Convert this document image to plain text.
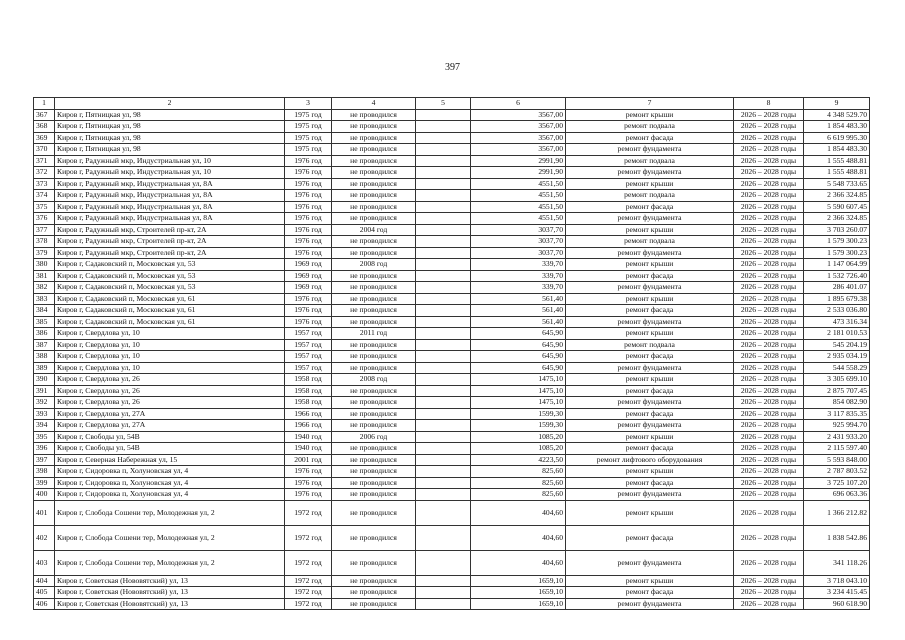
397
1	2	3	4	5	6	7	8	9
367	Киров г, Пятницкая ул, 98	1975 год	не проводился		3567,00	ремонт крыши	2026 – 2028 годы	4 348 529.70
368	Киров г, Пятницкая ул, 98	1975 год	не проводился		3567,00	ремонт подвала	2026 – 2028 годы	1 854 483.30
369	Киров г, Пятницкая ул, 98	1975 год	не проводился		3567,00	ремонт фасада	2026 – 2028 годы	6 619 995.30
370	Киров г, Пятницкая ул, 98	1975 год	не проводился		3567,00	ремонт фундамента	2026 – 2028 годы	1 854 483.30
371	Киров г, Радужный мкр, Индустриальная ул, 10	1976 год	не проводился		2991,90	ремонт подвала	2026 – 2028 годы	1 555 488.81
372	Киров г, Радужный мкр, Индустриальная ул, 10	1976 год	не проводился		2991,90	ремонт фундамента	2026 – 2028 годы	1 555 488.81
373	Киров г, Радужный мкр, Индустриальная ул, 8А	1976 год	не проводился		4551,50	ремонт крыши	2026 – 2028 годы	5 548 733.65
374	Киров г, Радужный мкр, Индустриальная ул, 8А	1976 год	не проводился		4551,50	ремонт подвала	2026 – 2028 годы	2 366 324.85
375	Киров г, Радужный мкр, Индустриальная ул, 8А	1976 год	не проводился		4551,50	ремонт фасада	2026 – 2028 годы	5 590 607.45
376	Киров г, Радужный мкр, Индустриальная ул, 8А	1976 год	не проводился		4551,50	ремонт фундамента	2026 – 2028 годы	2 366 324.85
377	Киров г, Радужный мкр, Строителей пр-кт, 2А	1976 год	2004 год		3037,70	ремонт крыши	2026 – 2028 годы	3 703 260.07
378	Киров г, Радужный мкр, Строителей пр-кт, 2А	1976 год	не проводился		3037,70	ремонт подвала	2026 – 2028 годы	1 579 300.23
379	Киров г, Радужный мкр, Строителей пр-кт, 2А	1976 год	не проводился		3037,70	ремонт фундамента	2026 – 2028 годы	1 579 300.23
380	Киров г, Садаковский п, Московская ул, 53	1969 год	2008 год		339,70	ремонт крыши	2026 – 2028 годы	1 147 064.99
381	Киров г, Садаковский п, Московская ул, 53	1969 год	не проводился		339,70	ремонт фасада	2026 – 2028 годы	1 532 726.40
382	Киров г, Садаковский п, Московская ул, 53	1969 год	не проводился		339,70	ремонт фундамента	2026 – 2028 годы	286 401.07
383	Киров г, Садаковский п, Московская ул, 61	1976 год	не проводился		561,40	ремонт крыши	2026 – 2028 годы	1 895 679.38
384	Киров г, Садаковский п, Московская ул, 61	1976 год	не проводился		561,40	ремонт фасада	2026 – 2028 годы	2 533 036.80
385	Киров г, Садаковский п, Московская ул, 61	1976 год	не проводился		561,40	ремонт фундамента	2026 – 2028 годы	473 316.34
386	Киров г, Свердлова ул, 10	1957 год	2011 год		645,90	ремонт крыши	2026 – 2028 годы	2 181 010.53
387	Киров г, Свердлова ул, 10	1957 год	не проводился		645,90	ремонт подвала	2026 – 2028 годы	545 204.19
388	Киров г, Свердлова ул, 10	1957 год	не проводился		645,90	ремонт фасада	2026 – 2028 годы	2 935 034.19
389	Киров г, Свердлова ул, 10	1957 год	не проводился		645,90	ремонт фундамента	2026 – 2028 годы	544 558.29
390	Киров г, Свердлова ул, 26	1958 год	2008 год		1475,10	ремонт крыши	2026 – 2028 годы	3 305 699.10
391	Киров г, Свердлова ул, 26	1958 год	не проводился		1475,10	ремонт фасада	2026 – 2028 годы	2 875 707.45
392	Киров г, Свердлова ул, 26	1958 год	не проводился		1475,10	ремонт фундамента	2026 – 2028 годы	854 082.90
393	Киров г, Свердлова ул, 27А	1966 год	не проводился		1599,30	ремонт фасада	2026 – 2028 годы	3 117 835.35
394	Киров г, Свердлова ул, 27А	1966 год	не проводился		1599,30	ремонт фундамента	2026 – 2028 годы	925 994.70
395	Киров г, Свободы ул, 54В	1940 год	2006 год		1085,20	ремонт крыши	2026 – 2028 годы	2 431 933.20
396	Киров г, Свободы ул, 54В	1940 год	не проводился		1085,20	ремонт фасада	2026 – 2028 годы	2 115 597.40
397	Киров г, Северная Набережная ул, 15	2001 год	не проводился		4223,50	ремонт лифтового оборудования	2026 – 2028 годы	5 593 848.00
398	Киров г, Сидоровка п, Холуновская ул, 4	1976 год	не проводился		825,60	ремонт крыши	2026 – 2028 годы	2 787 803.52
399	Киров г, Сидоровка п, Холуновская ул, 4	1976 год	не проводился		825,60	ремонт фасада	2026 – 2028 годы	3 725 107.20
400	Киров г, Сидоровка п, Холуновская ул, 4	1976 год	не проводился		825,60	ремонт фундамента	2026 – 2028 годы	696 063.36
401	Киров г, Слобода Сошени тер, Молодежная ул, 2	1972 год	не проводился		404,60	ремонт крыши	2026 – 2028 годы	1 366 212.82
402	Киров г, Слобода Сошени тер, Молодежная ул, 2	1972 год	не проводился		404,60	ремонт фасада	2026 – 2028 годы	1 838 542.86
403	Киров г, Слобода Сошени тер, Молодежная ул, 2	1972 год	не проводился		404,60	ремонт фундамента	2026 – 2028 годы	341 118.26
404	Киров г, Советская (Нововятский) ул, 13	1972 год	не проводился		1659,10	ремонт крыши	2026 – 2028 годы	3 718 043.10
405	Киров г, Советская (Нововятский) ул, 13	1972 год	не проводился		1659,10	ремонт фасада	2026 – 2028 годы	3 234 415.45
406	Киров г, Советская (Нововятский) ул, 13	1972 год	не проводился		1659,10	ремонт фундамента	2026 – 2028 годы	960 618.90
